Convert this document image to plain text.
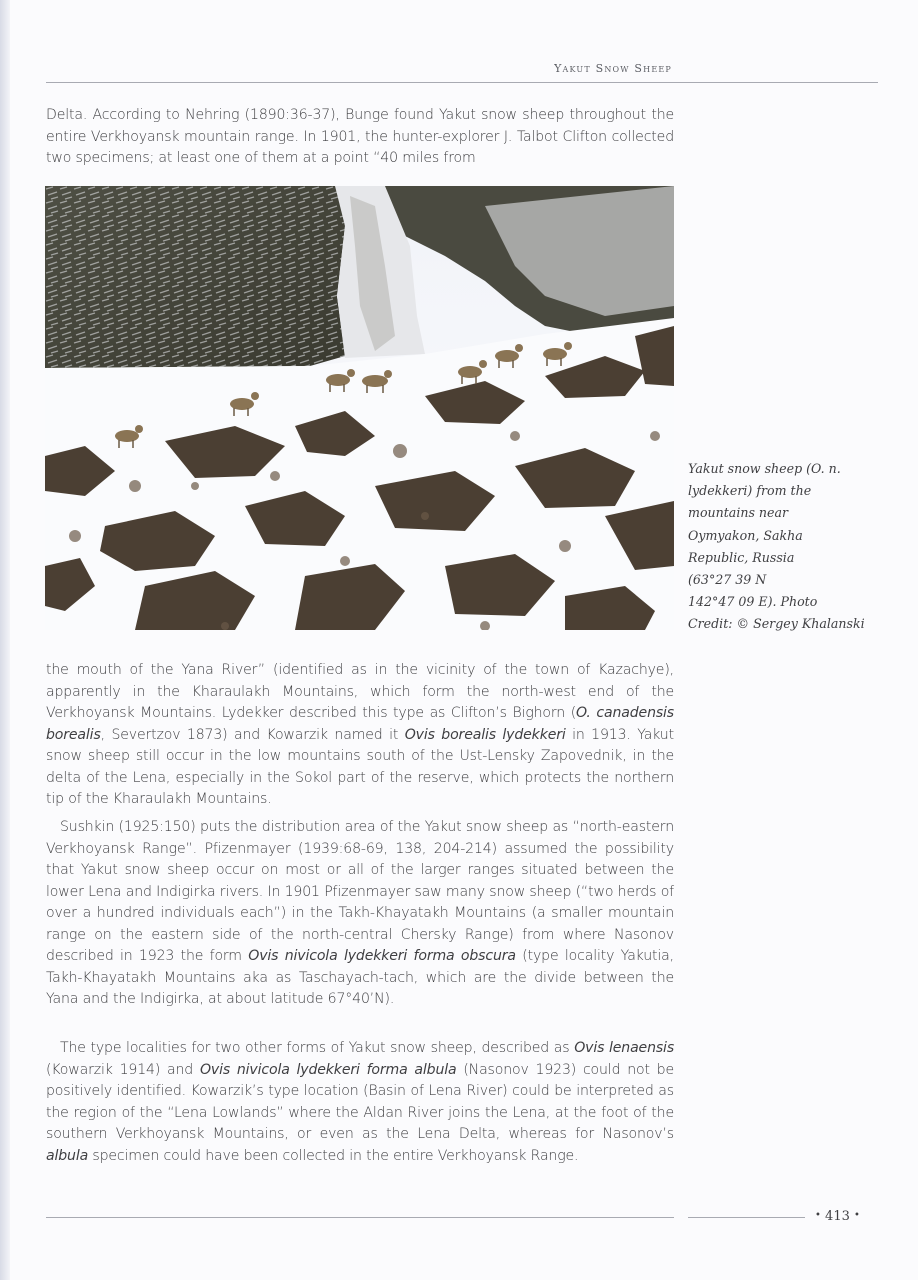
Yakut Snow Sheep

Delta. According to Nehring (1890:36-37), Bunge found Yakut snow sheep throughout the entire Verkhoyansk mountain range. In 1901, the hunter-explorer J. Talbot Clifton collected two specimens; at least one of them at a point “40 miles from

Yakut snow sheep (O. n.
lydekkeri) from the
mountains near
Oymyakon, Sakha
Republic, Russia
(63°27 39 N
142°47 09 E). Photo
Credit: © Sergey Khalanski

the mouth of the Yana River” (identified as in the vicinity of the town of Kazachye), apparently in the Kharaulakh Mountains, which form the north-west end of the Verkhoyansk Mountains. Lydekker described this type as Clifton’s Bighorn (O. canadensis borealis, Severtzov 1873) and Kowarzik named it Ovis borealis lydekkeri in 1913. Yakut snow sheep still occur in the low mountains south of the Ust-Lensky Zapovednik, in the delta of the Lena, especially in the Sokol part of the reserve, which protects the northern tip of the Kharaulakh Mountains.

Sushkin (1925:150) puts the distribution area of the Yakut snow sheep as “north-eastern Verkhoyansk Range”. Pfizenmayer (1939:68-69, 138, 204-214) assumed the possibility that Yakut snow sheep occur on most or all of the larger ranges situated between the lower Lena and Indigirka rivers. In 1901 Pfizenmayer saw many snow sheep (“two herds of over a hundred individuals each”) in the Takh-Khayatakh Mountains (a smaller mountain range on the eastern side of the north-central Chersky Range) from where Nasonov described in 1923 the form Ovis nivicola lydekkeri forma obscura (type locality Yakutia, Takh-Khayatakh Mountains aka as Taschayach-tach, which are the divide between the Yana and the Indigirka, at about latitude 67°40’N).

The type localities for two other forms of Yakut snow sheep, described as Ovis lenaensis (Kowarzik 1914) and Ovis nivicola lydekkeri forma albula (Nasonov 1923) could not be positively identified. Kowarzik’s type location (Basin of Lena River) could be interpreted as the region of the “Lena Lowlands” where the Aldan River joins the Lena, at the foot of the southern Verkhoyansk Mountains, or even as the Lena Delta, whereas for Nasonov’s albula specimen could have been collected in the entire Verkhoyansk Range.

• 413 •
